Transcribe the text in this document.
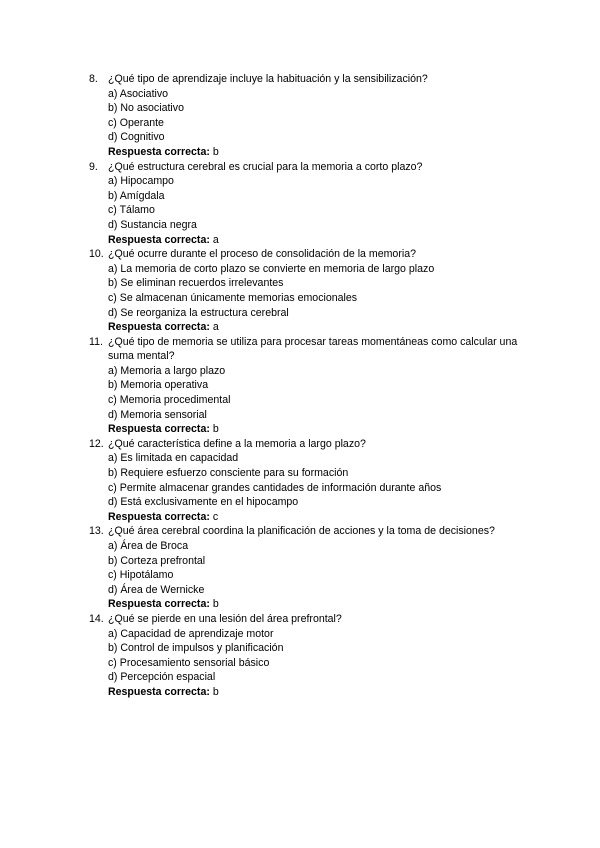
8. ¿Qué tipo de aprendizaje incluye la habituación y la sensibilización?
a) Asociativo
b) No asociativo
c) Operante
d) Cognitivo
Respuesta correcta: b
9. ¿Qué estructura cerebral es crucial para la memoria a corto plazo?
a) Hipocampo
b) Amígdala
c) Tálamo
d) Sustancia negra
Respuesta correcta: a
10. ¿Qué ocurre durante el proceso de consolidación de la memoria?
a) La memoria de corto plazo se convierte en memoria de largo plazo
b) Se eliminan recuerdos irrelevantes
c) Se almacenan únicamente memorias emocionales
d) Se reorganiza la estructura cerebral
Respuesta correcta: a
11. ¿Qué tipo de memoria se utiliza para procesar tareas momentáneas como calcular una suma mental?
a) Memoria a largo plazo
b) Memoria operativa
c) Memoria procedimental
d) Memoria sensorial
Respuesta correcta: b
12. ¿Qué característica define a la memoria a largo plazo?
a) Es limitada en capacidad
b) Requiere esfuerzo consciente para su formación
c) Permite almacenar grandes cantidades de información durante años
d) Está exclusivamente en el hipocampo
Respuesta correcta: c
13. ¿Qué área cerebral coordina la planificación de acciones y la toma de decisiones?
a) Área de Broca
b) Corteza prefrontal
c) Hipotálamo
d) Área de Wernicke
Respuesta correcta: b
14. ¿Qué se pierde en una lesión del área prefrontal?
a) Capacidad de aprendizaje motor
b) Control de impulsos y planificación
c) Procesamiento sensorial básico
d) Percepción espacial
Respuesta correcta: b
